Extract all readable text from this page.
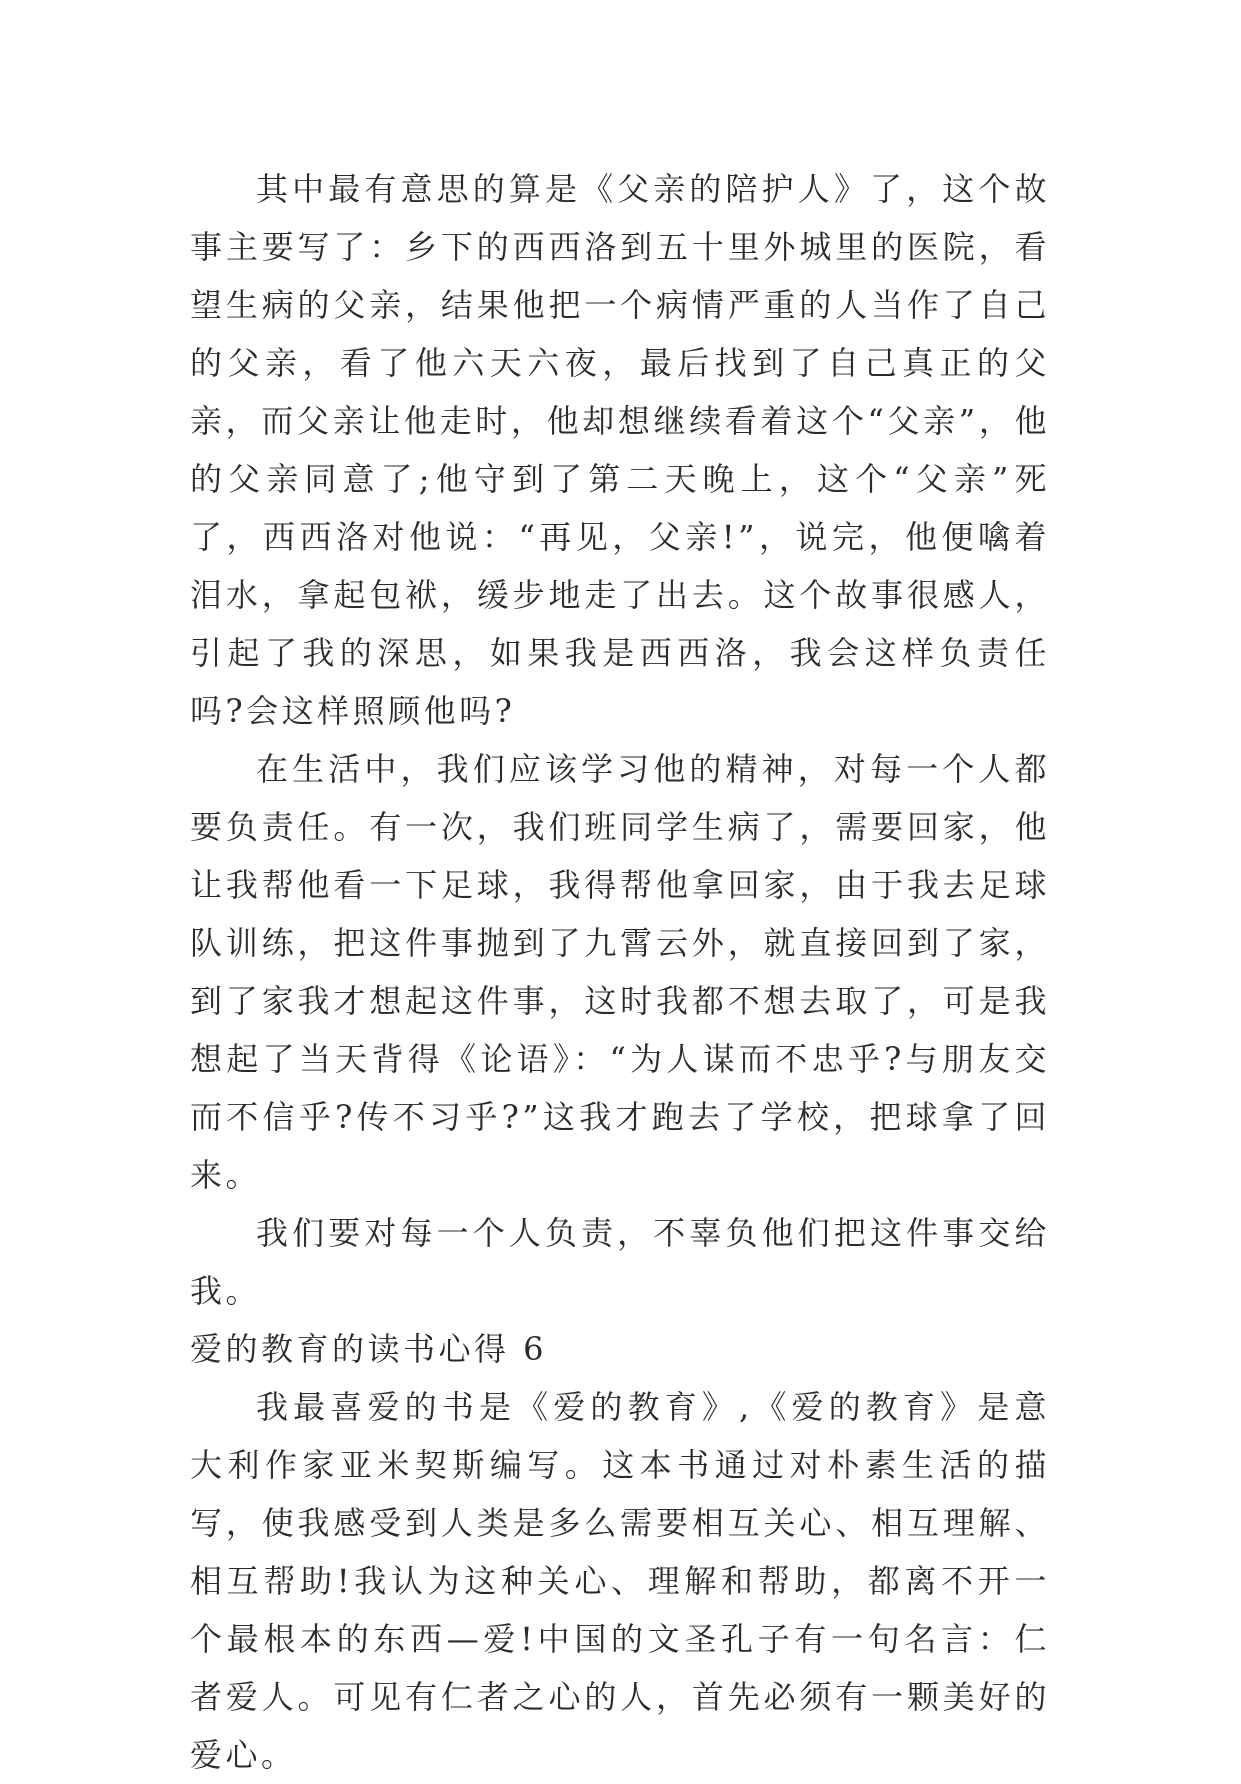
其中最有意思的算是《父亲的陪护人》了，这个故事主要写了：乡下的西西洛到五十里外城里的医院，看望生病的父亲，结果他把一个病情严重的人当作了自己的父亲，看了他六天六夜，最后找到了自己真正的父亲，而父亲让他走时，他却想继续看着这个“父亲”，他的父亲同意了;他守到了第二天晚上，这个“父亲”死了，西西洛对他说：“再见，父亲!”，说完，他便噙着泪水，拿起包袱，缓步地走了出去。这个故事很感人，引起了我的深思，如果我是西西洛，我会这样负责任吗?会这样照顾他吗?

在生活中，我们应该学习他的精神，对每一个人都要负责任。有一次，我们班同学生病了，需要回家，他让我帮他看一下足球，我得帮他拿回家，由于我去足球队训练，把这件事抛到了九霄云外，就直接回到了家，到了家我才想起这件事，这时我都不想去取了，可是我想起了当天背得《论语》：“为人谋而不忠乎?与朋友交而不信乎?传不习乎?”这我才跑去了学校，把球拿了回来。

我们要对每一个人负责，不辜负他们把这件事交给我。

爱的教育的读书心得 6

我最喜爱的书是《爱的教育》,《爱的教育》是意大利作家亚米契斯编写。这本书通过对朴素生活的描写，使我感受到人类是多么需要相互关心、相互理解、相互帮助!我认为这种关心、理解和帮助，都离不开一个最根本的东西—爱!中国的文圣孔子有一句名言：仁者爱人。可见有仁者之心的人，首先必须有一颗美好的爱心。
